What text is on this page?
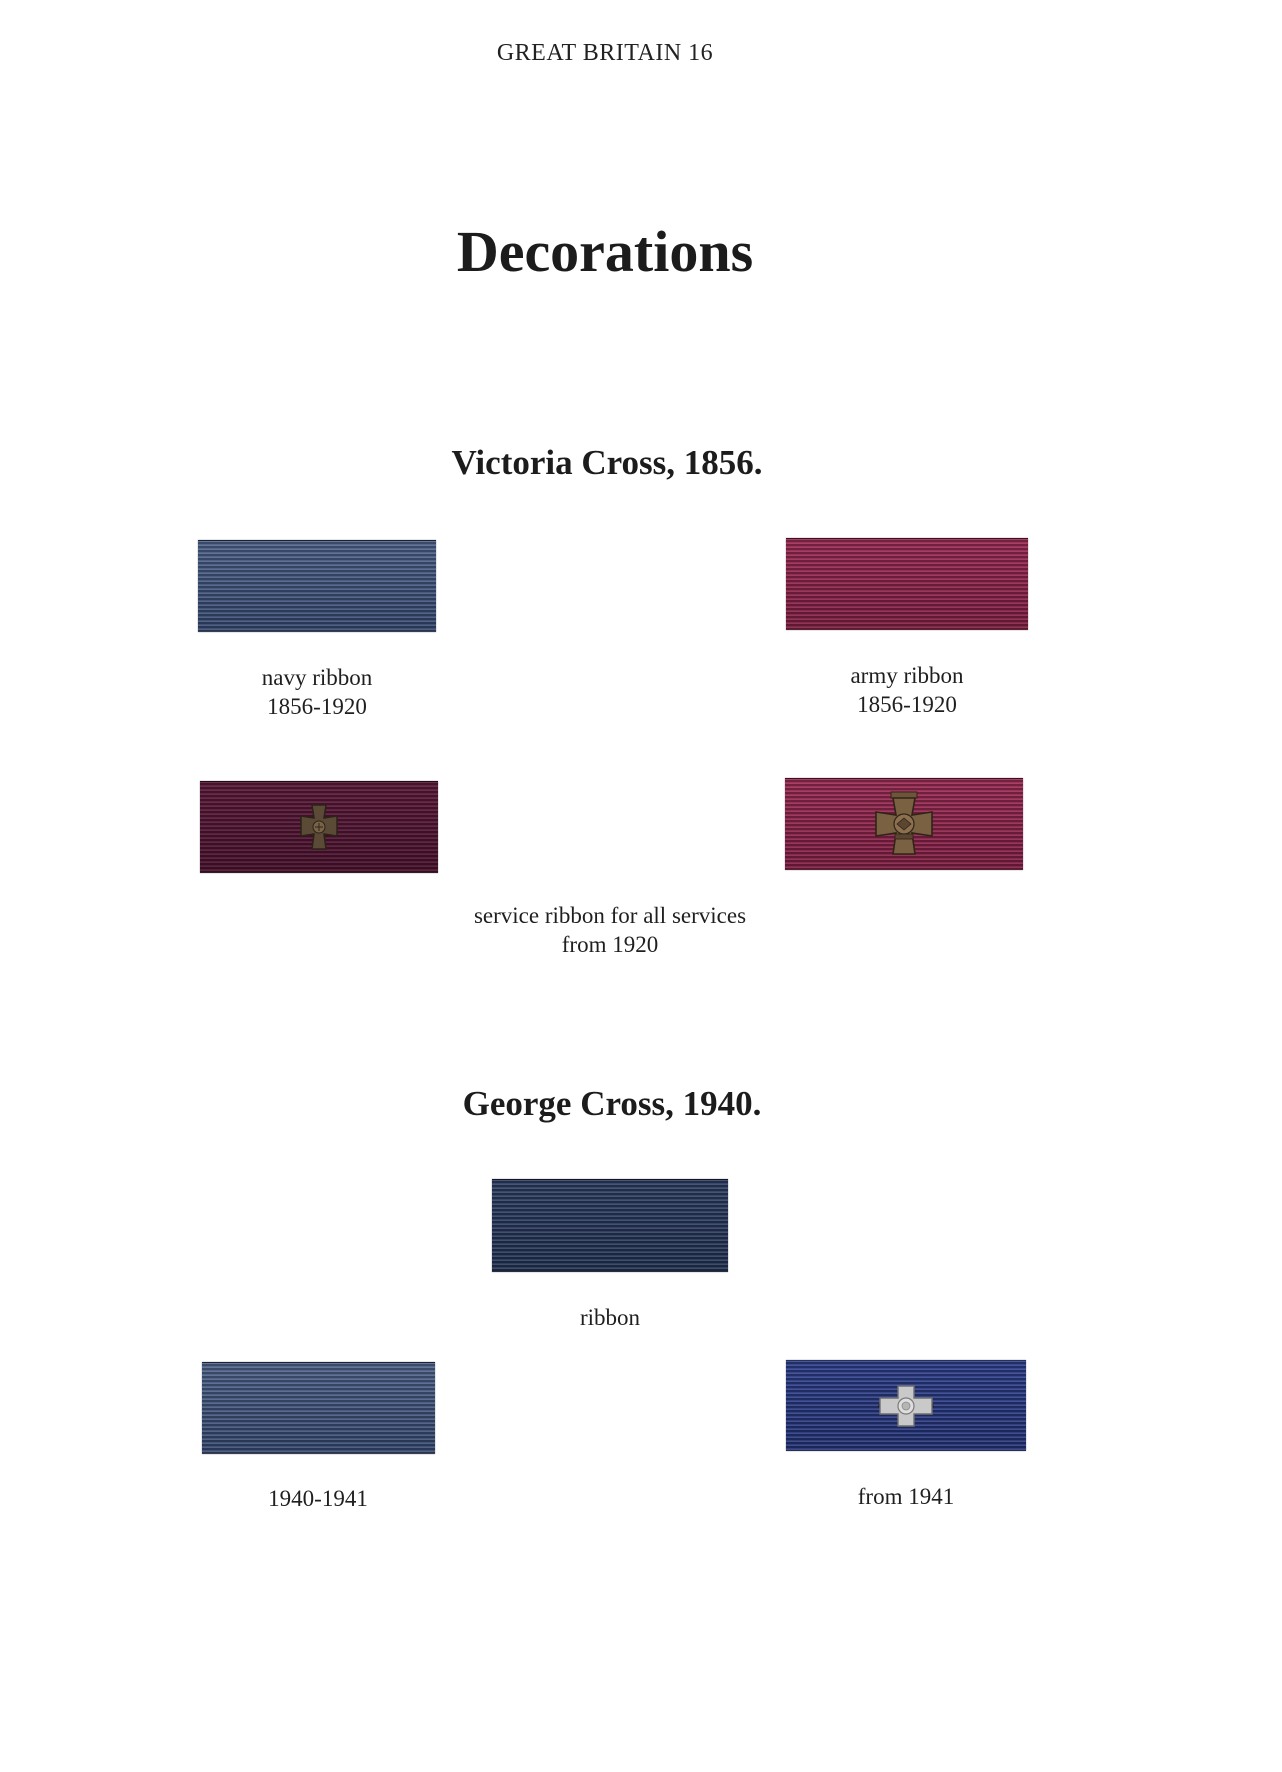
GREAT BRITAIN 16
Decorations
Victoria Cross, 1856.
navy ribbon
1856-1920
army ribbon
1856-1920
service ribbon for all services
from 1920
George Cross, 1940.
ribbon
1940-1941	from 1941
